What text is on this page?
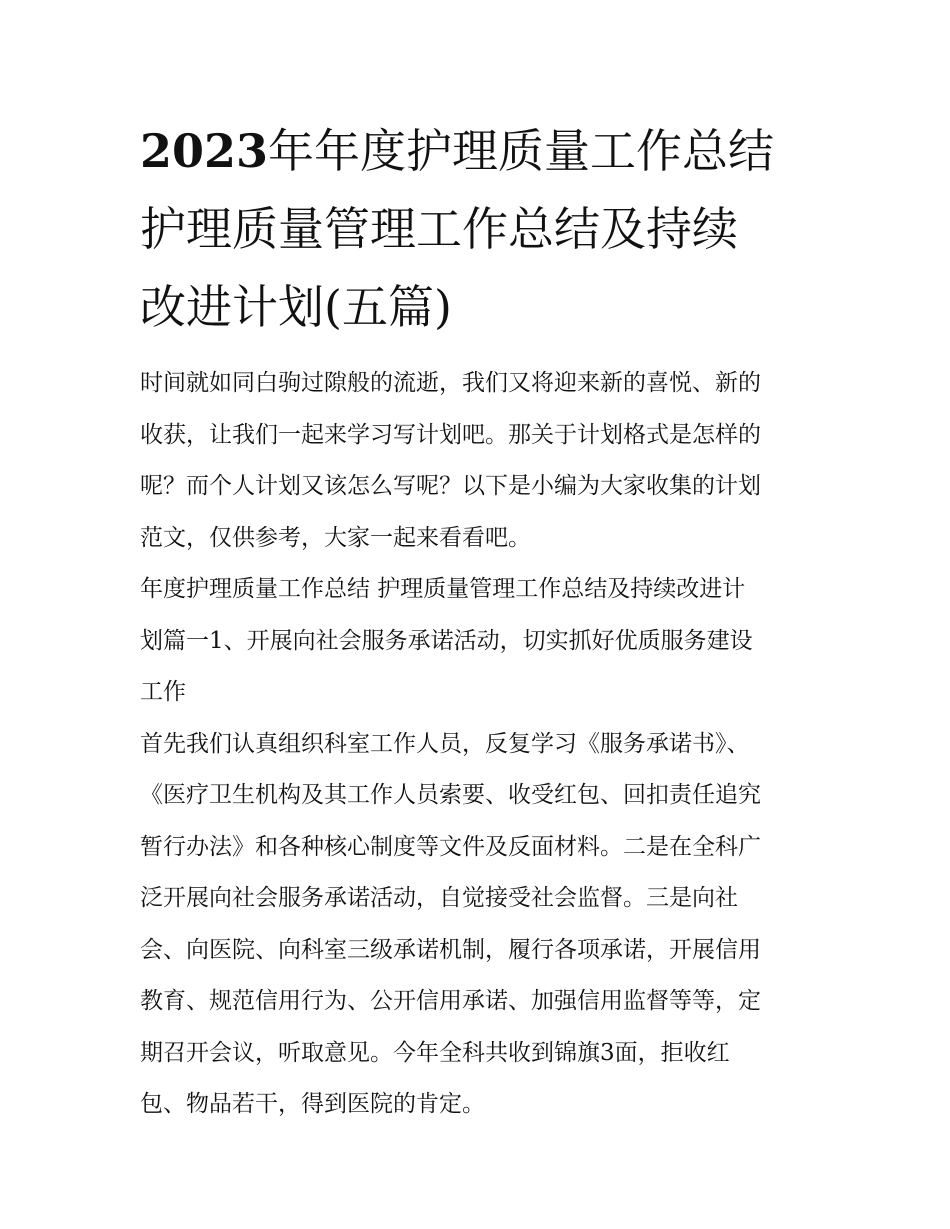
2023年年度护理质量工作总结
护理质量管理工作总结及持续
改进计划(五篇)

时间就如同白驹过隙般的流逝，我们又将迎来新的喜悦、新的
收获，让我们一起来学习写计划吧。那关于计划格式是怎样的
呢？而个人计划又该怎么写呢？以下是小编为大家收集的计划
范文，仅供参考，大家一起来看看吧。

年度护理质量工作总结 护理质量管理工作总结及持续改进计
划篇一1、开展向社会服务承诺活动，切实抓好优质服务建设
工作

首先我们认真组织科室工作人员，反复学习《服务承诺书》、
《医疗卫生机构及其工作人员索要、收受红包、回扣责任追究
暂行办法》和各种核心制度等文件及反面材料。二是在全科广
泛开展向社会服务承诺活动，自觉接受社会监督。三是向社
会、向医院、向科室三级承诺机制，履行各项承诺，开展信用
教育、规范信用行为、公开信用承诺、加强信用监督等等，定
期召开会议，听取意见。今年全科共收到锦旗3面，拒收红
包、物品若干，得到医院的肯定。
